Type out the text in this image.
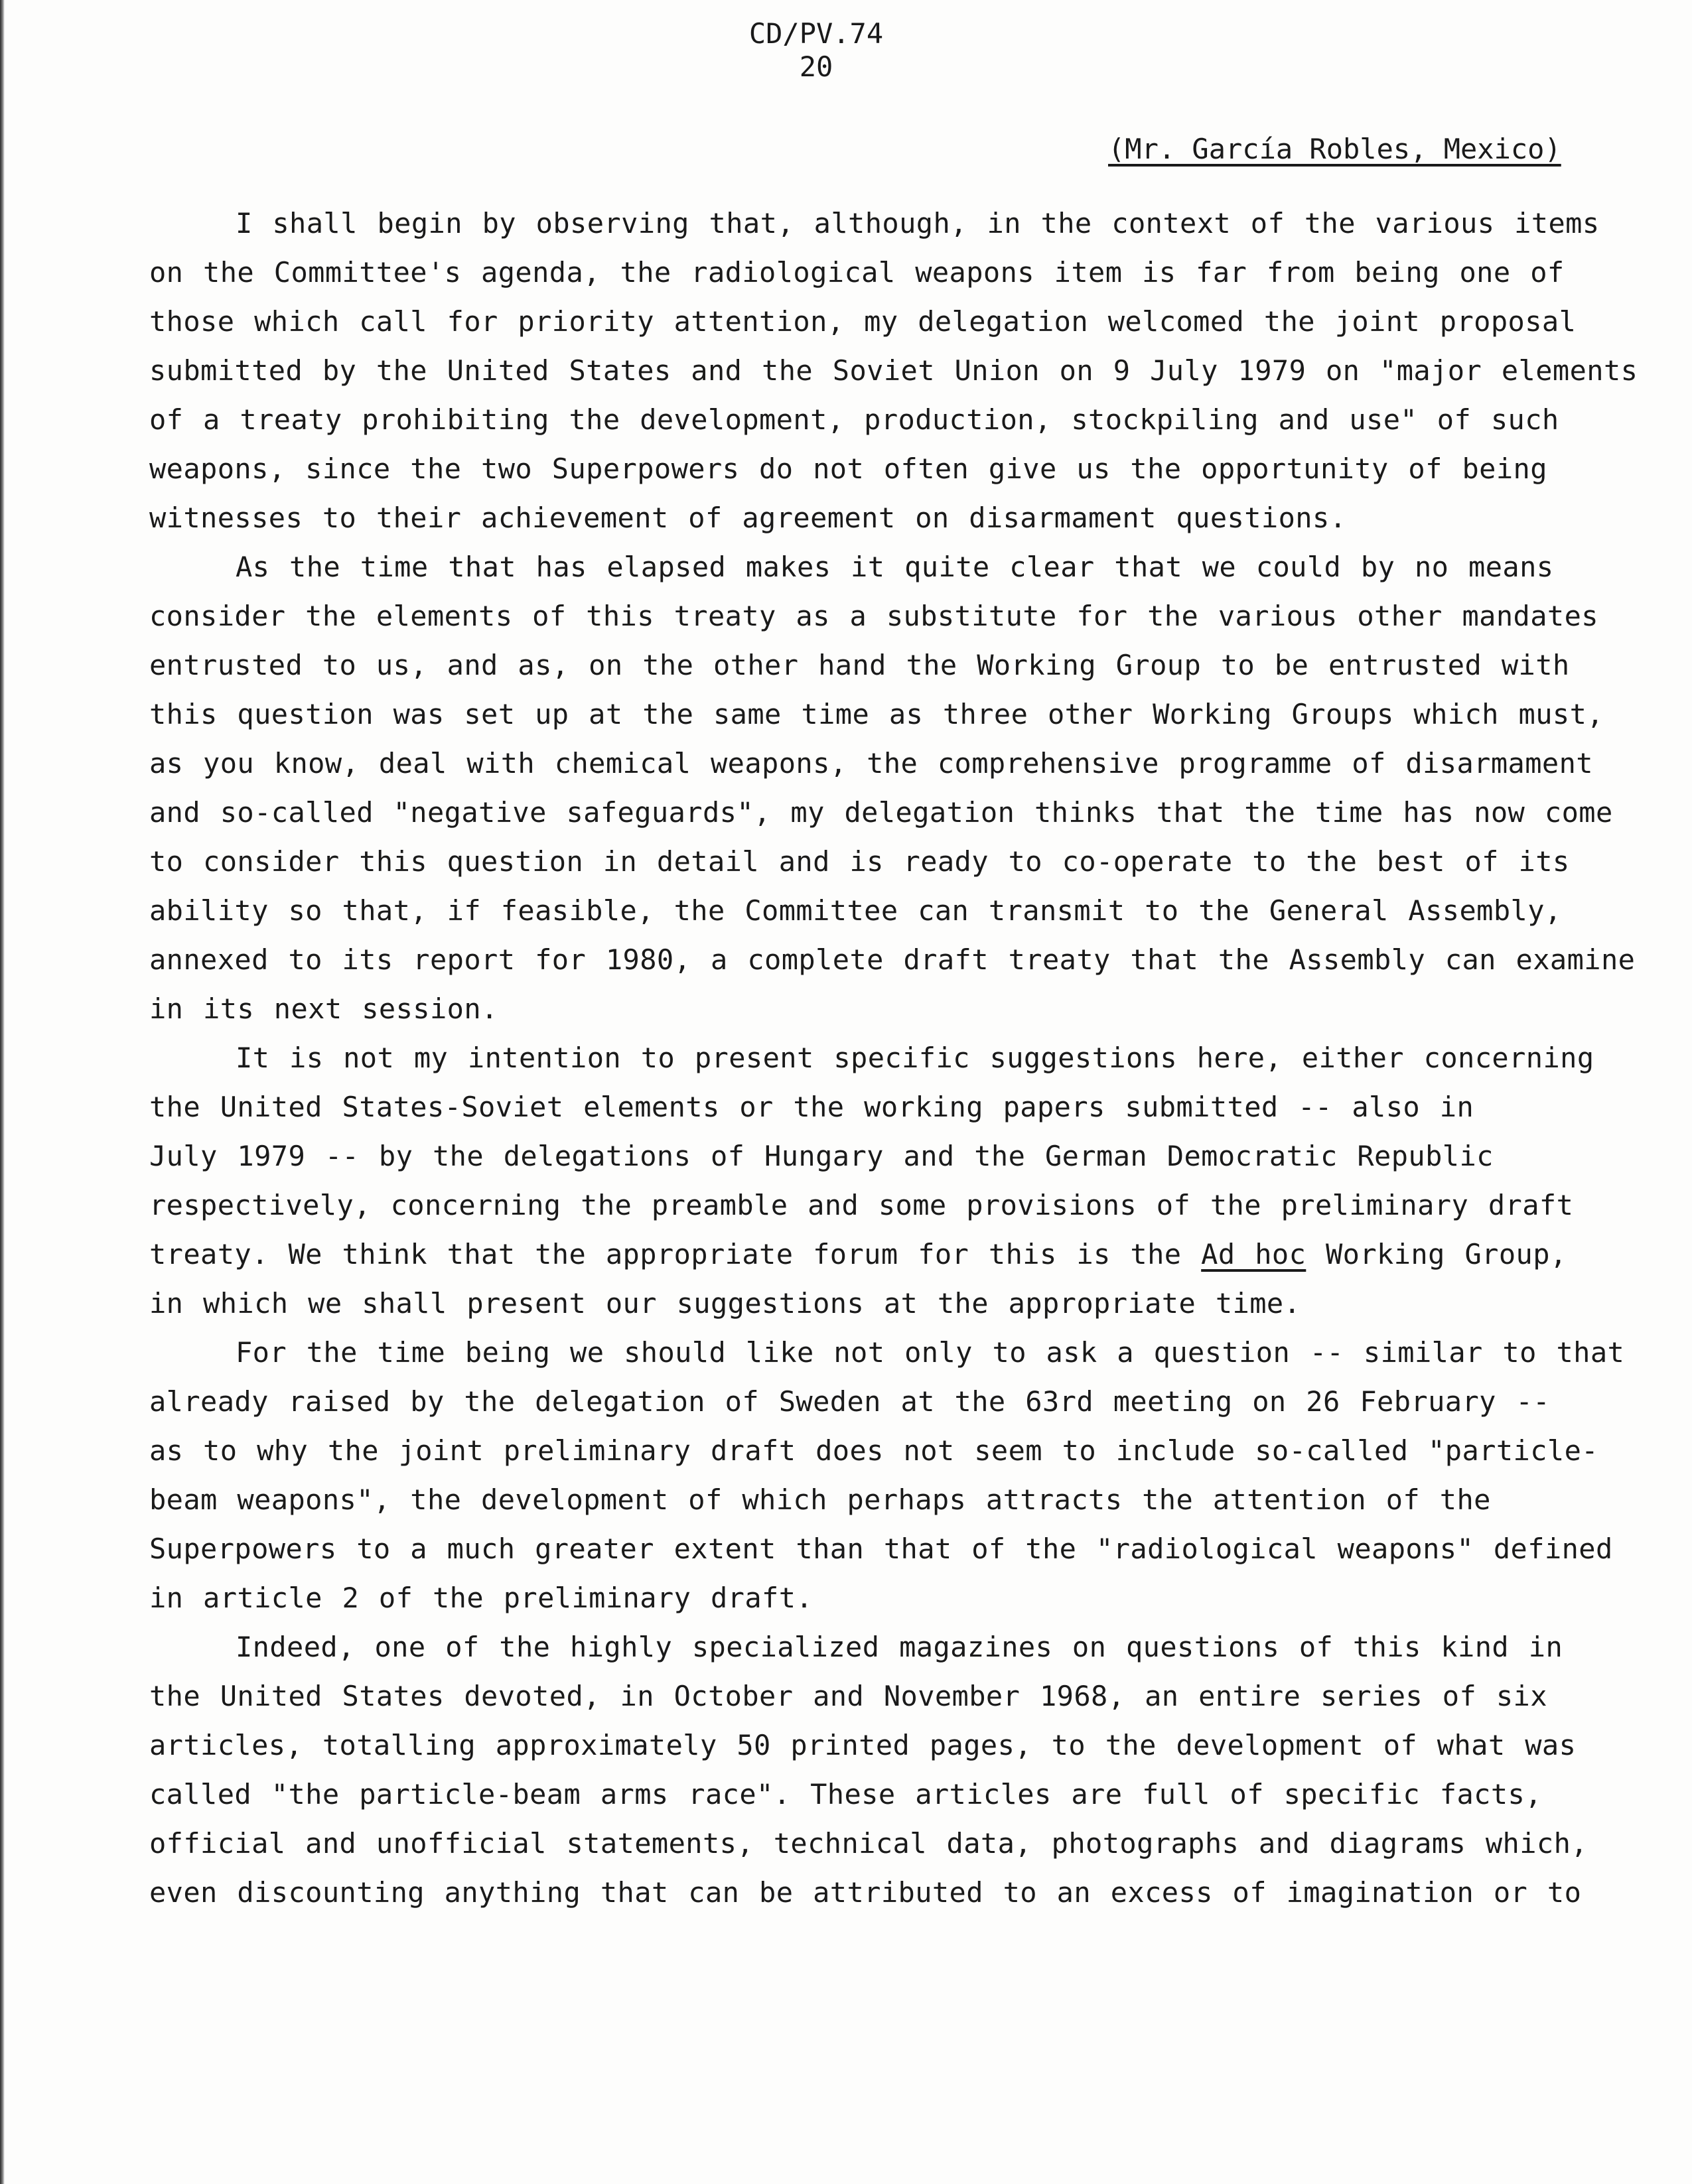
CD/PV.74
20
(Mr. García Robles, Mexico)
I shall begin by observing that, although, in the context of the various items
on the Committee's agenda, the radiological weapons item is far from being one of
those which call for priority attention, my delegation welcomed the joint proposal
submitted by the United States and the Soviet Union on 9 July 1979 on "major elements
of a treaty prohibiting the development, production, stockpiling and use" of such
weapons, since the two Superpowers do not often give us the opportunity of being
witnesses to their achievement of agreement on disarmament questions.
As the time that has elapsed makes it quite clear that we could by no means
consider the elements of this treaty as a substitute for the various other mandates
entrusted to us, and as, on the other hand the Working Group to be entrusted with
this question was set up at the same time as three other Working Groups which must,
as you know, deal with chemical weapons, the comprehensive programme of disarmament
and so-called "negative safeguards", my delegation thinks that the time has now come
to consider this question in detail and is ready to co-operate to the best of its
ability so that, if feasible, the Committee can transmit to the General Assembly,
annexed to its report for 1980, a complete draft treaty that the Assembly can examine
in its next session.
It is not my intention to present specific suggestions here, either concerning
the United States-Soviet elements or the working papers submitted -- also in
July 1979 -- by the delegations of Hungary and the German Democratic Republic
respectively, concerning the preamble and some provisions of the preliminary draft
treaty. We think that the appropriate forum for this is the Ad hoc Working Group,
in which we shall present our suggestions at the appropriate time.
For the time being we should like not only to ask a question -- similar to that
already raised by the delegation of Sweden at the 63rd meeting on 26 February --
as to why the joint preliminary draft does not seem to include so-called "particle-
beam weapons", the development of which perhaps attracts the attention of the
Superpowers to a much greater extent than that of the "radiological weapons" defined
in article 2 of the preliminary draft.
Indeed, one of the highly specialized magazines on questions of this kind in
the United States devoted, in October and November 1968, an entire series of six
articles, totalling approximately 50 printed pages, to the development of what was
called "the particle-beam arms race". These articles are full of specific facts,
official and unofficial statements, technical data, photographs and diagrams which,
even discounting anything that can be attributed to an excess of imagination or to
